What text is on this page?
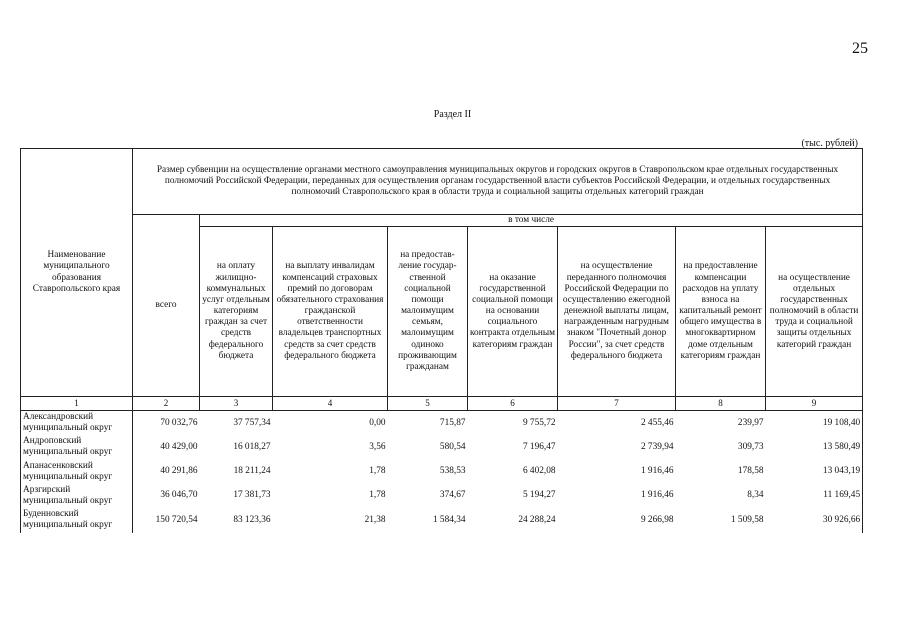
25
Раздел II
(тыс. рублей)
Наименование муниципального образования Ставропольского края	Размер субвенции на осуществление органами местного самоуправления муниципальных округов и городских округов в Ставропольском крае отдельных государственных полномочий Российской Федерации, переданных для осуществления органам государственной власти субъектов Российской Федерации, и отдельных государственных полномочий Ставропольского края в области труда и социальной защиты отдельных категорий граждан							
	всего	в том числе						
		на оплату жилищно-коммунальных услуг отдельным категориям граждан за счет средств федерального бюджета	на выплату инвалидам компенсаций страховых премий по договорам обязательного страхования гражданской ответственности владельцев транспортных средств за счет средств федерального бюджета	на предостав-ление государ-ственной социальной помощи малоимущим семьям, малоимущим одиноко проживающим гражданам	на оказание государственной социальной помощи на основании социального контракта отдельным категориям граждан	на осуществление переданного полномочия Российской Федерации по осуществлению ежегодной денежной выплаты лицам, награжденным нагрудным знаком "Почетный донор России", за счет средств федерального бюджета	на предоставление компенсации расходов на уплату взноса на капитальный ремонт общего имущества в многоквартирном доме отдельным категориям граждан	на осуществление отдельных государственных полномочий в области труда и социальной защиты отдельных категорий граждан
1	2	3	4	5	6	7	8	9
Александровский муниципальный округ	70 032,76	37 757,34	0,00	715,87	9 755,72	2 455,46	239,97	19 108,40
Андроповский муниципальный округ	40 429,00	16 018,27	3,56	580,54	7 196,47	2 739,94	309,73	13 580,49
Апанасенковский муниципальный округ	40 291,86	18 211,24	1,78	538,53	6 402,08	1 916,46	178,58	13 043,19
Арзгирский муниципальный округ	36 046,70	17 381,73	1,78	374,67	5 194,27	1 916,46	8,34	11 169,45
Буденновский муниципальный округ	150 720,54	83 123,36	21,38	1 584,34	24 288,24	9 266,98	1 509,58	30 926,66
